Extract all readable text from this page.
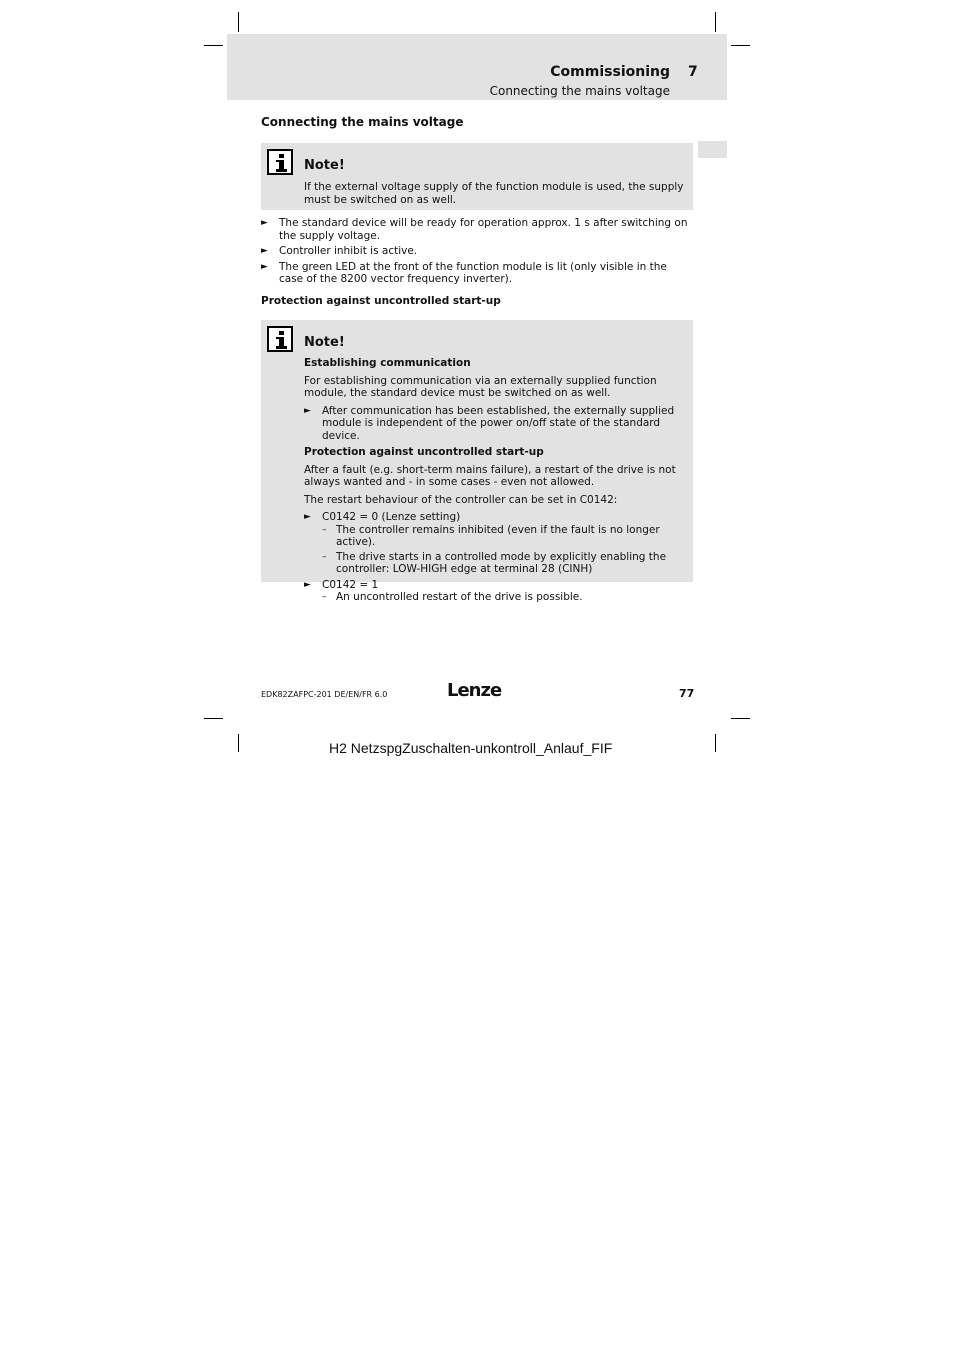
Commissioning 7
Connecting the mains voltage
Connecting the mains voltage
Note!
If the external voltage supply of the function module is used, the supply must be switched on as well.
► The standard device will be ready for operation approx. 1 s after switching on the supply voltage.
► Controller inhibit is active.
► The green LED at the front of the function module is lit (only visible in the case of the 8200 vector frequency inverter).
Protection against uncontrolled start-up
Note!
Establishing communication
For establishing communication via an externally supplied function module, the standard device must be switched on as well.
► After communication has been established, the externally supplied module is independent of the power on/off state of the standard device.
Protection against uncontrolled start-up
After a fault (e.g. short-term mains failure), a restart of the drive is not always wanted and - in some cases - even not allowed.
The restart behaviour of the controller can be set in C0142:
► C0142 = 0 (Lenze setting)
– The controller remains inhibited (even if the fault is no longer active).
– The drive starts in a controlled mode by explicitly enabling the controller: LOW-HIGH edge at terminal 28 (CINH)
► C0142 = 1
– An uncontrolled restart of the drive is possible.
EDK82ZAFPC-201 DE/EN/FR 6.0	Lenze	77
H2 NetzspgZuschalten-unkontroll_Anlauf_FIF
